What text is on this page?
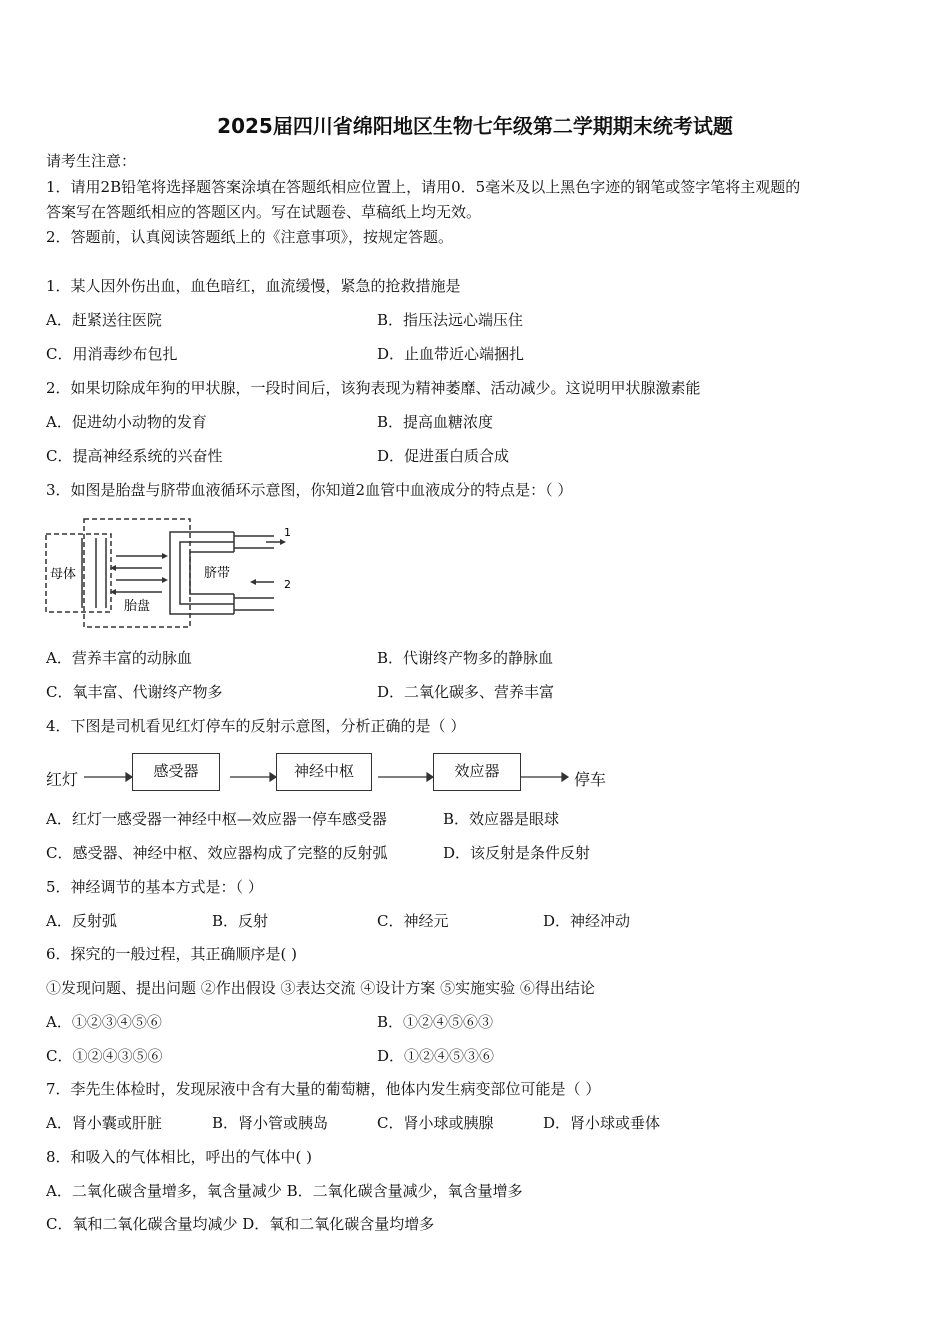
2025届四川省绵阳地区生物七年级第二学期期末统考试题
请考生注意：
1．请用2B铅笔将选择题答案涂填在答题纸相应位置上，请用0．5毫米及以上黑色字迹的钢笔或签字笔将主观题的
答案写在答题纸相应的答题区内。写在试题卷、草稿纸上均无效。
2．答题前，认真阅读答题纸上的《注意事项》，按规定答题。
1．某人因外伤出血，血色暗红，血流缓慢，紧急的抢救措施是
A．赶紧送往医院	B．指压法远心端压住
C．用消毒纱布包扎	D．止血带近心端捆扎
2．如果切除成年狗的甲状腺，一段时间后，该狗表现为精神萎靡、活动减少。这说明甲状腺激素能
A．促进幼小动物的发育	B．提高血糖浓度
C．提高神经系统的兴奋性	D．促进蛋白质合成
3．如图是胎盘与脐带血液循环示意图，你知道2血管中血液成分的特点是：（ ）
母体	脐带
胎盘
1
2
A．营养丰富的动脉血	B．代谢终产物多的静脉血
C．氧丰富、代谢终产物多	D．二氧化碳多、营养丰富
4．下图是司机看见红灯停车的反射示意图，分析正确的是（ ）
红灯	感受器	神经中枢	效应器	停车
A．红灯一感受器一神经中枢—效应器一停车感受器	B．效应器是眼球
C．感受器、神经中枢、效应器构成了完整的反射弧	D．该反射是条件反射
5．神经调节的基本方式是：（ ）
A．反射弧	B．反射	C．神经元	D．神经冲动
6．探究的一般过程，其正确顺序是( )
①发现问题、提出问题 ②作出假设 ③表达交流 ④设计方案 ⑤实施实验 ⑥得出结论
A．①②③④⑤⑥	B．①②④⑤⑥③
C．①②④③⑤⑥	D．①②④⑤③⑥
7．李先生体检时，发现尿液中含有大量的葡萄糖，他体内发生病变部位可能是（ ）
A．肾小囊或肝脏	B．肾小管或胰岛	C．肾小球或胰腺	D．肾小球或垂体
8．和吸入的气体相比，呼出的气体中( )
A．二氧化碳含量增多，氧含量减少 B．二氧化碳含量减少，氧含量增多
C．氧和二氧化碳含量均减少 D．氧和二氧化碳含量均增多
